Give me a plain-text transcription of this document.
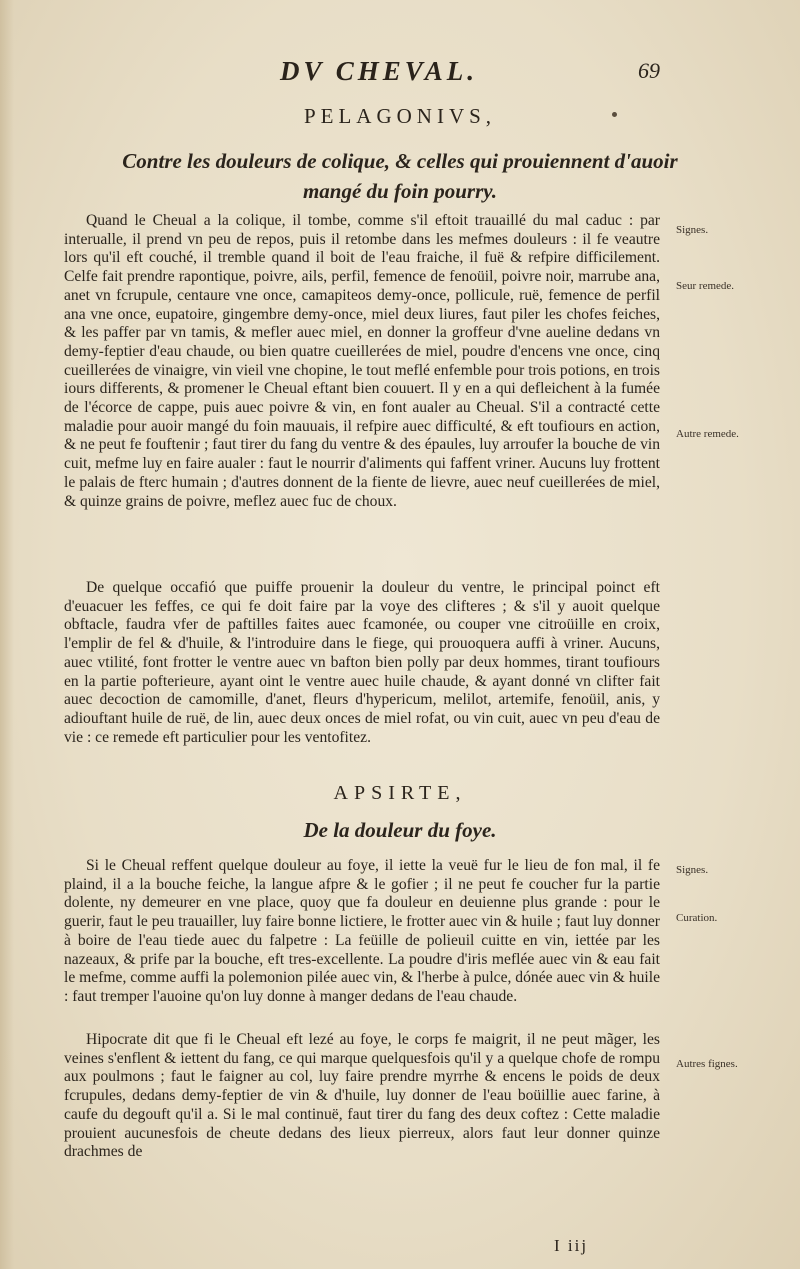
DV CHEVAL.	69
PELAGONIVS,
Contre les douleurs de colique, & celles qui prouiennent d'auoir
mangé du foin pourry.

Quand le Cheual a la colique, il tombe, comme s'il eftoit trauaillé du mal caduc : par interualle, il prend vn peu de repos, puis il retombe dans les mefmes douleurs : il fe veautre lors qu'il eft couché, il tremble quand il boit de l'eau fraiche, il fuë & refpire difficilement. Celfe fait prendre rapontique, poivre, ails, perfil, femence de fenoüil, poivre noir, marrube ana, anet vn fcrupule, centaure vne once, camapiteos demy-once, pollicule, ruë, femence de perfil ana vne once, eupatoire, gingembre demy-once, miel deux liures, faut piler les chofes feiches, & les paffer par vn tamis, & mefler auec miel, en donner la groffeur d'vne aueline dedans vn demy-feptier d'eau chaude, ou bien quatre cueillerées de miel, poudre d'encens vne once, cinq cueillerées de vinaigre, vin vieil vne chopine, le tout meflé enfemble pour trois potions, en trois iours differents, & promener le Cheual eftant bien couuert. Il y en a qui defleichent à la fumée de l'écorce de cappe, puis auec poivre & vin, en font aualer au Cheual. S'il a contracté cette maladie pour auoir mangé du foin mauuais, il refpire auec difficulté, & eft toufiours en action, & ne peut fe fouftenir ; faut tirer du fang du ventre & des épaules, luy arroufer la bouche de vin cuit, mefme luy en faire aualer : faut le nourrir d'aliments qui faffent vriner. Aucuns luy frottent le palais de fterc humain ; d'autres donnent de la fiente de lievre, auec neuf cueillerées de miel, & quinze grains de poivre, meflez auec fuc de choux.

De quelque occafió que puiffe prouenir la douleur du ventre, le principal poinct eft d'euacuer les feffes, ce qui fe doit faire par la voye des clifteres ; & s'il y auoit quelque obftacle, faudra vfer de paftilles faites auec fcamonée, ou couper vne citroüille en croix, l'emplir de fel & d'huile, & l'introduire dans le fiege, qui prouoquera auffi à vriner. Aucuns, auec vtilité, font frotter le ventre auec vn bafton bien polly par deux hommes, tirant toufiours en la partie pofterieure, ayant oint le ventre auec huile chaude, & ayant donné vn clifter fait auec decoction de camomille, d'anet, fleurs d'hypericum, melilot, artemife, fenoüil, anis, y adiouftant huile de ruë, de lin, auec deux onces de miel rofat, ou vin cuit, auec vn peu d'eau de vie : ce remede eft particulier pour les ventofitez.

APSIRTE,
De la douleur du foye.

Si le Cheual reffent quelque douleur au foye, il iette la veuë fur le lieu de fon mal, il fe plaind, il a la bouche feiche, la langue afpre & le gofier ; il ne peut fe coucher fur la partie dolente, ny demeurer en vne place, quoy que fa douleur en deuienne plus grande : pour le guerir, faut le peu trauailler, luy faire bonne lictiere, le frotter auec vin & huile ; faut luy donner à boire de l'eau tiede auec du falpetre : La feüille de polieuil cuitte en vin, iettée par les nazeaux, & prife par la bouche, eft tres-excellente. La poudre d'iris meflée auec vin & eau fait le mefme, comme auffi la polemonion pilée auec vin, & l'herbe à pulce, dónée auec vin & huile : faut tremper l'auoine qu'on luy donne à manger dedans de l'eau chaude.

Hipocrate dit que fi le Cheual eft lezé au foye, le corps fe maigrit, il ne peut mãger, les veines s'enflent & iettent du fang, ce qui marque quelquesfois qu'il y a quelque chofe de rompu aux poulmons ; faut le faigner au col, luy faire prendre myrrhe & encens le poids de deux fcrupules, dedans demy-feptier de vin & d'huile, luy donner de l'eau boüillie auec farine, à caufe du degouft qu'il a. Si le mal continuë, faut tirer du fang des deux coftez : Cette maladie prouient aucunesfois de cheute dedans des lieux pierreux, alors faut leur donner quinze drachmes de

Signes.
Seur remede.
Autre remede.
Signes.
Curation.
Autres fignes.
I iij
